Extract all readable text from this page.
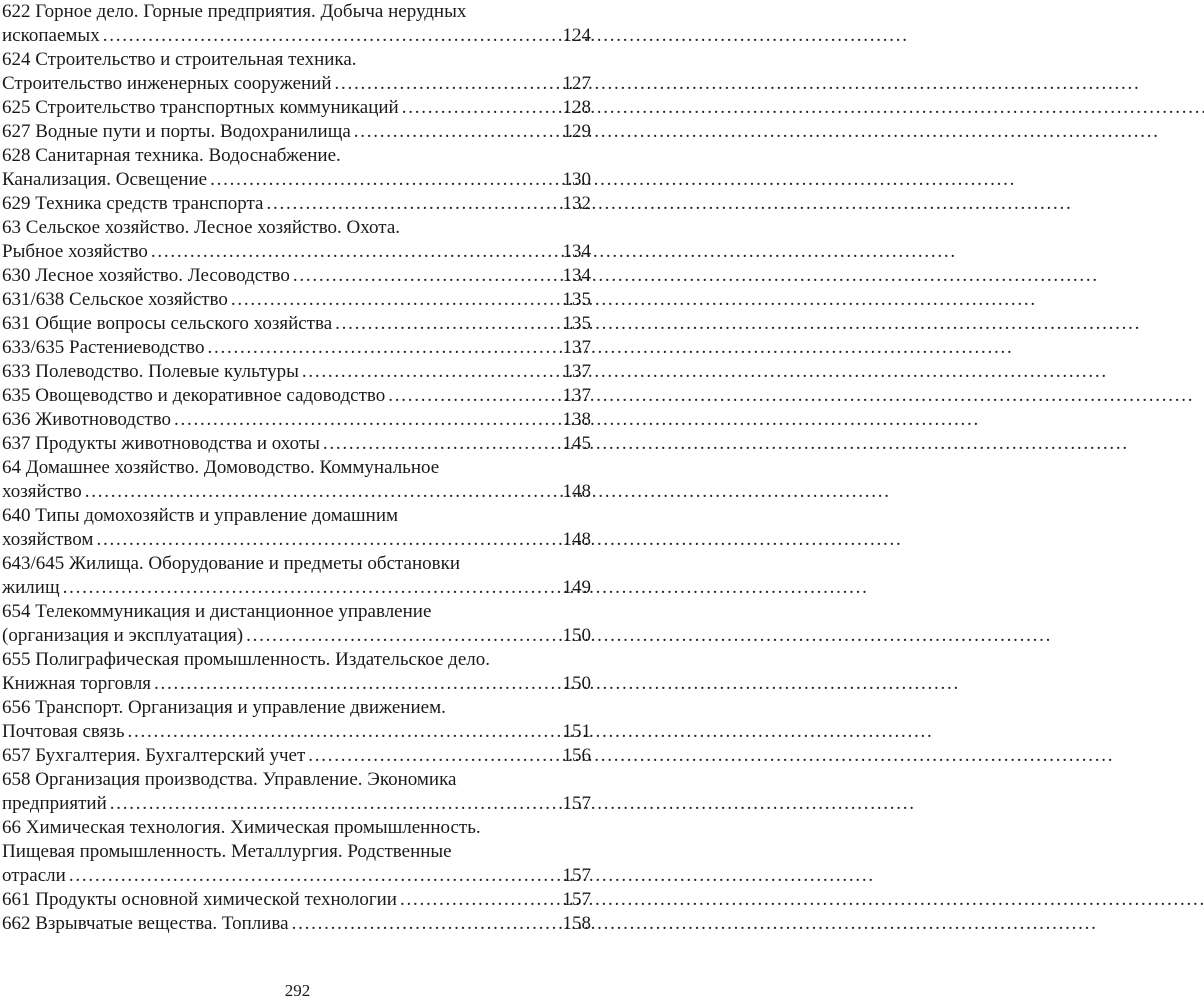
622 Горное дело. Горные предприятия. Добыча нерудных
ископаемых . . .	124
624 Строительство и строительная техника.
Строительство инженерных сооружений . . .	127
625 Строительство транспортных коммуникаций . . .	128
627 Водные пути и порты. Водохранилища . . .	129
628 Санитарная техника. Водоснабжение.
Канализация. Освещение . . .	130
629 Техника средств транспорта . . .	132
63 Сельское хозяйство. Лесное хозяйство. Охота.
Рыбное хозяйство . . .	134
630 Лесное хозяйство. Лесоводство . . .	134
631/638 Сельское хозяйство . . .	135
631 Общие вопросы сельского хозяйства . . .	135
633/635 Растениеводство . . .	137
633 Полеводство. Полевые культуры . . .	137
635 Овощеводство и декоративное садоводство . . .	137
636 Животноводство . . .	138
637 Продукты животноводства и охоты . . .	145
64 Домашнее хозяйство. Домоводство. Коммунальное
хозяйство . . .	148
640 Типы домохозяйств и управление домашним
хозяйством . . .	148
643/645 Жилища. Оборудование и предметы обстановки
жилищ . . .	149
654 Телекоммуникация и дистанционное управление
(организация и эксплуатация) . . .	150
655 Полиграфическая промышленность. Издательское дело.
Книжная торговля . . .	150
656 Транспорт. Организация и управление движением.
Почтовая связь . . .	151
657 Бухгалтерия. Бухгалтерский учет . . .	156
658 Организация производства. Управление. Экономика
предприятий . . .	157
66 Химическая технология. Химическая промышленность.
Пищевая промышленность. Металлургия. Родственные
отрасли . . .	157
661 Продукты основной химической технологии . . .	157
662 Взрывчатые вещества. Топлива . . .	158
292
